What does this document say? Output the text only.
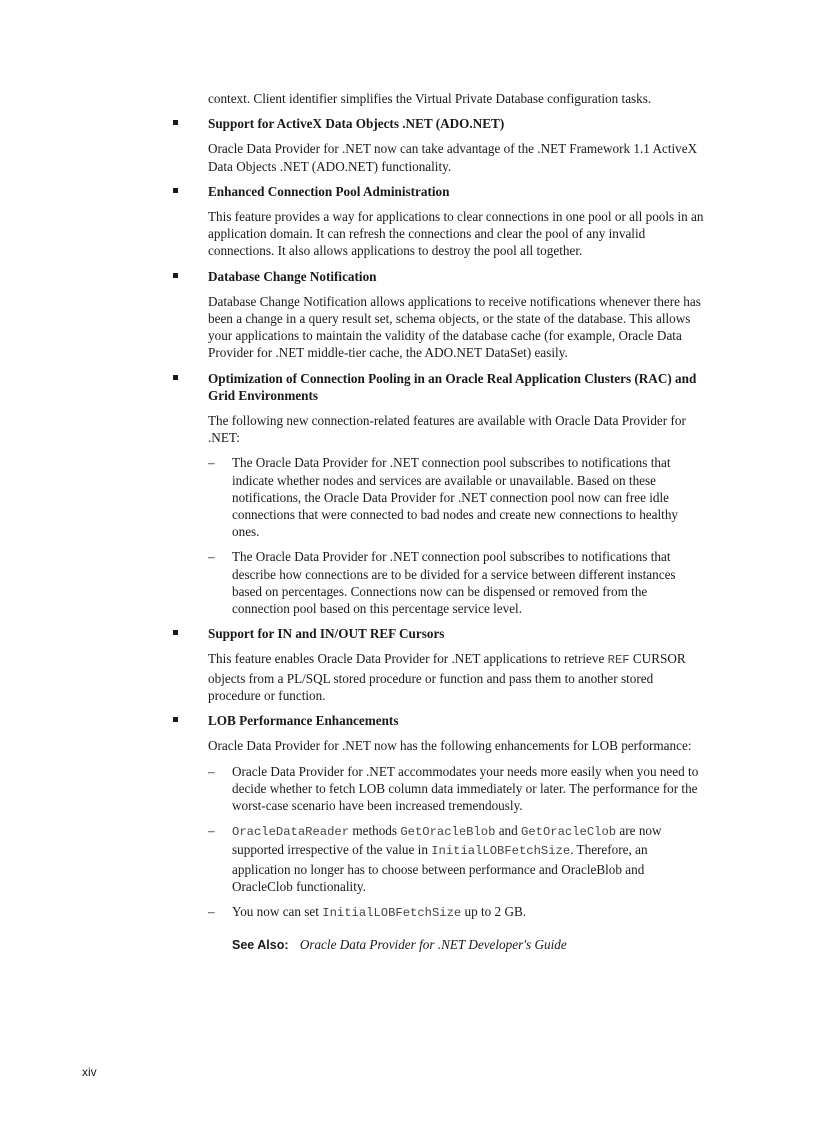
context. Client identifier simplifies the Virtual Private Database configuration tasks.

Support for ActiveX Data Objects .NET (ADO.NET)

Oracle Data Provider for .NET now can take advantage of the .NET Framework 1.1 ActiveX Data Objects .NET (ADO.NET) functionality.

Enhanced Connection Pool Administration

This feature provides a way for applications to clear connections in one pool or all pools in an application domain. It can refresh the connections and clear the pool of any invalid connections. It also allows applications to destroy the pool all together.

Database Change Notification

Database Change Notification allows applications to receive notifications whenever there has been a change in a query result set, schema objects, or the state of the database. This allows your applications to maintain the validity of the database cache (for example, Oracle Data Provider for .NET middle-tier cache, the ADO.NET DataSet) easily.

Optimization of Connection Pooling in an Oracle Real Application Clusters (RAC) and Grid Environments

The following new connection-related features are available with Oracle Data Provider for .NET:

– The Oracle Data Provider for .NET connection pool subscribes to notifications that indicate whether nodes and services are available or unavailable. Based on these notifications, the Oracle Data Provider for .NET connection pool now can free idle connections that were connected to bad nodes and create new connections to healthy ones.
– The Oracle Data Provider for .NET connection pool subscribes to notifications that describe how connections are to be divided for a service between different instances based on percentages. Connections now can be dispensed or removed from the connection pool based on this percentage service level.
Support for IN and IN/OUT REF Cursors

This feature enables Oracle Data Provider for .NET applications to retrieve REF CURSOR objects from a PL/SQL stored procedure or function and pass them to another stored procedure or function.

LOB Performance Enhancements

Oracle Data Provider for .NET now has the following enhancements for LOB performance:

– Oracle Data Provider for .NET accommodates your needs more easily when you need to decide whether to fetch LOB column data immediately or later. The performance for the worst-case scenario have been increased tremendously.
– OracleDataReader methods GetOracleBlob and GetOracleClob are now supported irrespective of the value in InitialLOBFetchSize. Therefore, an application no longer has to choose between performance and OracleBlob and OracleClob functionality.
– You now can set InitialLOBFetchSize up to 2 GB.
See Also: Oracle Data Provider for .NET Developer's Guide
xiv
